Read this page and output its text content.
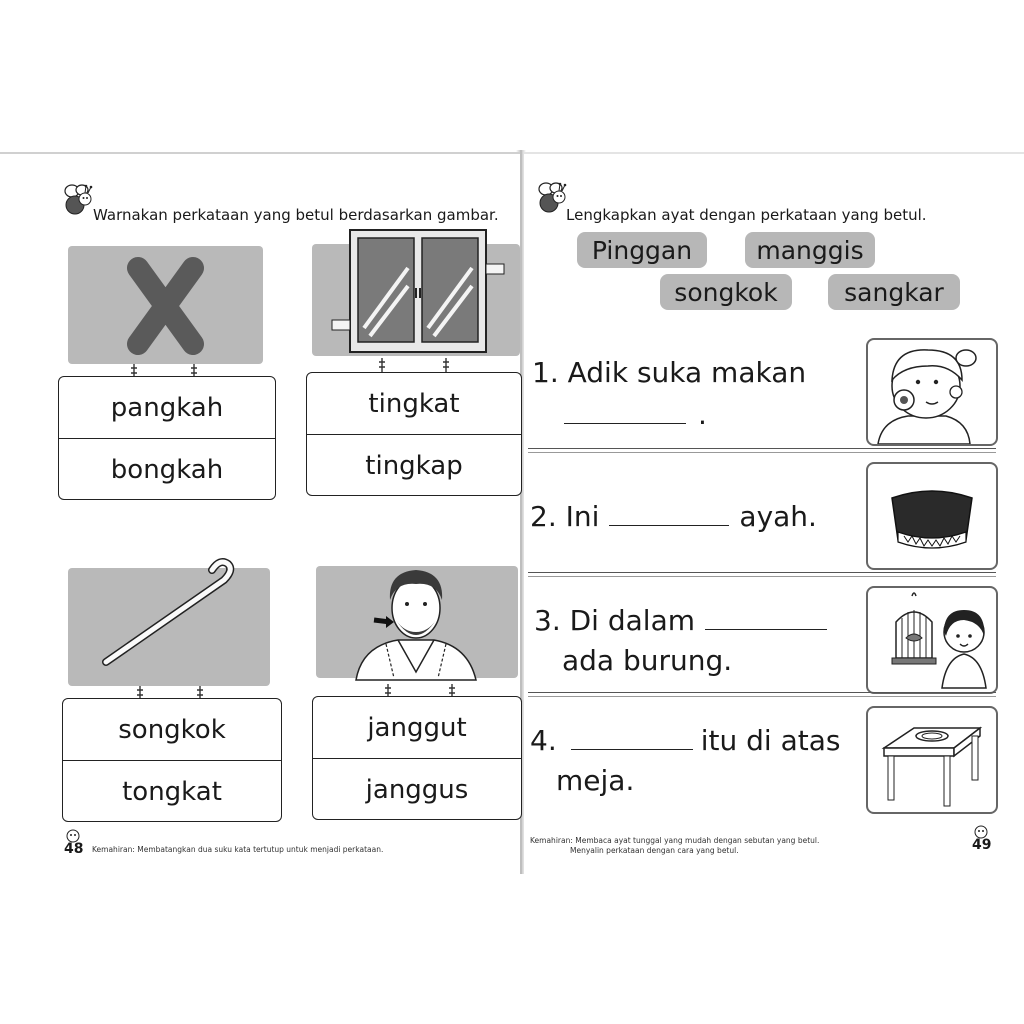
Warnakan perkataan yang betul berdasarkan gambar.
pangkah
bongkah
tingkat
tingkap
songkok
tongkat
janggut
janggus
48 Kemahiran: Membatangkan dua suku kata tertutup untuk menjadi perkataan.
Lengkapkan ayat dengan perkataan yang betul.
Pinggan	manggis
songkok	sangkar
1. Adik suka makan
.
2. Ini	ayah.
3. Di dalam
ada burung.
4.	itu di atas
meja.
Kemahiran: Membaca ayat tunggal yang mudah dengan sebutan yang betul.
Menyalin perkataan dengan cara yang betul.	49
